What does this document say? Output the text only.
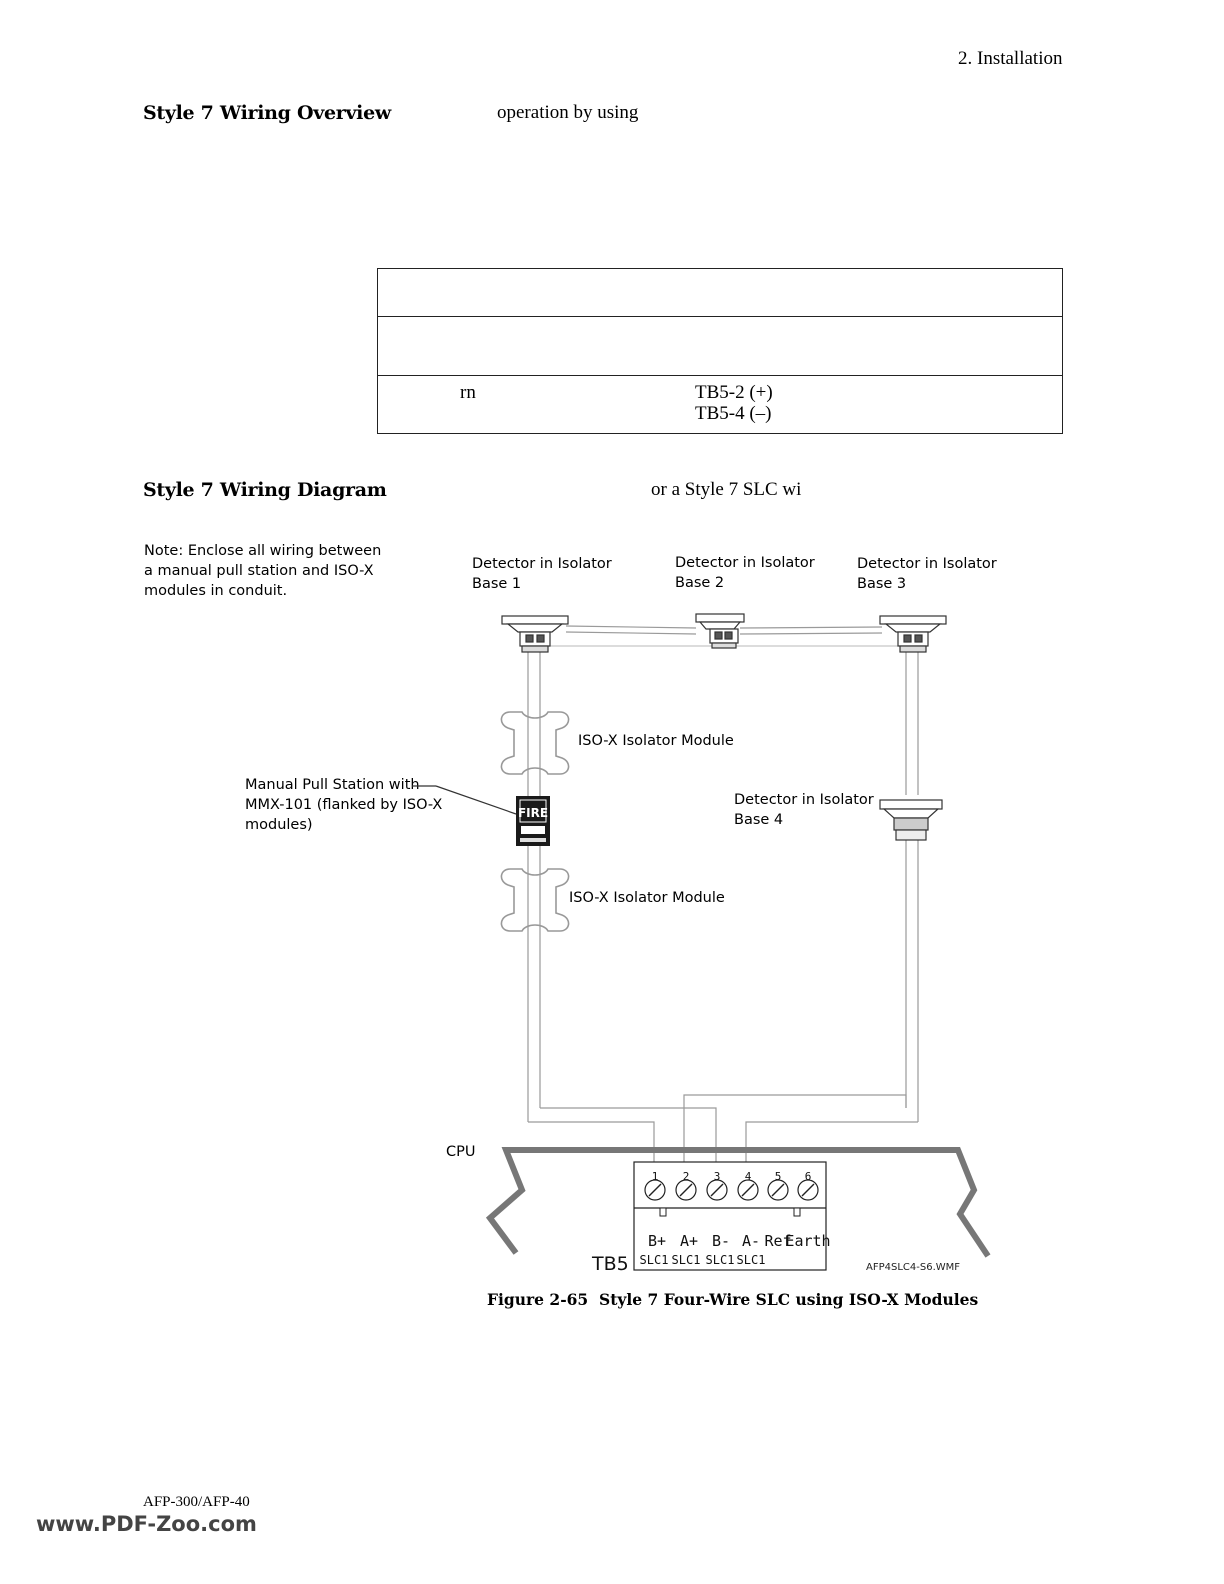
2. Installation
Style 7 Wiring Overview	operation by using
rn	TB5-2 (+)
TB5-4 (–)
Style 7 Wiring Diagram	or a Style 7 SLC wi
Note: Enclose all wiring between
a manual pull station and ISO-X
modules in conduit.
Detector in Isolator
Base 1
Detector in Isolator
Base 2
Detector in Isolator
Base 3
Detector in Isolator
Base 4
ISO-X Isolator Module
ISO-X Isolator Module
Manual Pull Station with
MMX-101 (flanked by ISO-X
modules)
CPU
FIRE
1 2 3 4 5 6
B+ A+ B- A- Ref
Earth
SLC1 SLC1 SLC1 SLC1
TB5	AFP4SLC4-S6.WMF
Figure 2-65  Style 7 Four-Wire SLC using ISO-X Modules
AFP-300/AFP-40
www.PDF-Zoo.com
